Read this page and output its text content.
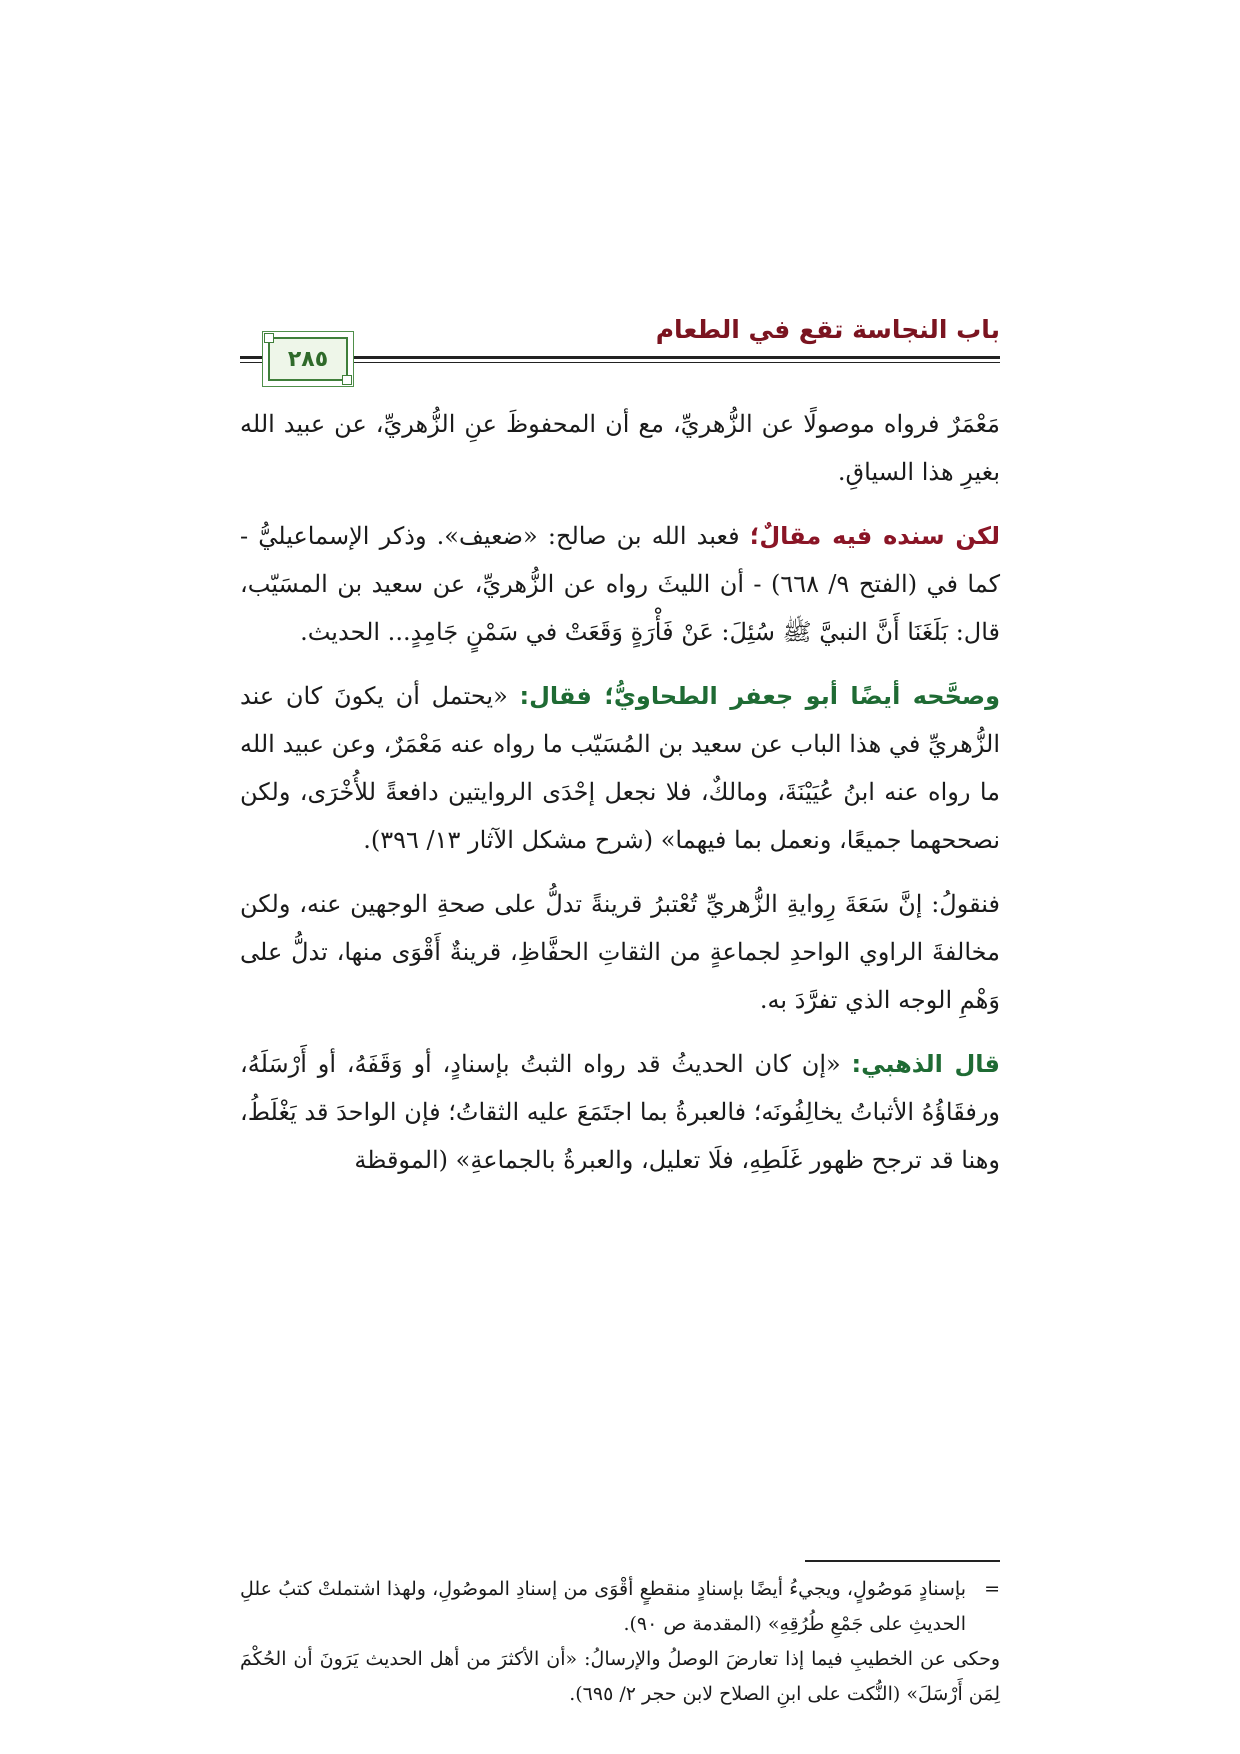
باب النجاسة تقع في الطعام
٢٨٥

مَعْمَرٌ فرواه موصولًا عن الزُّهريِّ، مع أن المحفوظَ عنِ الزُّهريِّ، عن عبيد الله بغيرِ هذا السياقِ.

لكن سنده فيه مقالٌ؛ فعبد الله بن صالح: «ضعيف». وذكر الإسماعيليُّ - كما في (الفتح ٩/ ٦٦٨) - أن الليثَ رواه عن الزُّهريِّ، عن سعيد بن المسَيّب، قال: بَلَغَنَا أَنَّ النبيَّ ﷺ سُئِلَ: عَنْ فَأْرَةٍ وَقَعَتْ في سَمْنٍ جَامِدٍ... الحديث.

وصحَّحه أيضًا أبو جعفر الطحاويُّ؛ فقال: «يحتمل أن يكونَ كان عند الزُّهريِّ في هذا الباب عن سعيد بن المُسَيّب ما رواه عنه مَعْمَرٌ، وعن عبيد الله ما رواه عنه ابنُ عُيَيْنَةَ، ومالكٌ، فلا نجعل إحْدَى الروايتين دافعةً للأُخْرَى، ولكن نصححهما جميعًا، ونعمل بما فيهما» (شرح مشكل الآثار ١٣/ ٣٩٦).

فنقولُ: إنَّ سَعَةَ رِوايةِ الزُّهريِّ تُعْتبرُ قرينةً تدلُّ على صحةِ الوجهين عنه، ولكن مخالفةَ الراوي الواحدِ لجماعةٍ من الثقاتِ الحفَّاظِ، قرينةٌ أَقْوَى منها، تدلُّ على وَهْمِ الوجه الذي تفرَّدَ به.

قال الذهبي: «إن كان الحديثُ قد رواه الثبتُ بإسنادٍ، أو وَقَفَهُ، أو أَرْسَلَهُ، ورفقَاؤُهُ الأثباتُ يخالِفُونَه؛ فالعبرةُ بما اجتَمَعَ عليه الثقاتُ؛ فإن الواحدَ قد يَغْلَطُ، وهنا قد ترجح ظهور غَلَطِهِ، فلَا تعليل، والعبرةُ بالجماعةِ» (الموقظة

=
بإسنادٍ مَوصُولٍ، ويجيءُ أيضًا بإسنادٍ منقطعٍ أقْوَى من إسنادِ الموصُولِ، ولهذا اشتملتْ كتبُ عللِ الحديثِ على جَمْعِ طُرُقِهِ» (المقدمة ص ٩٠).

وحكى عن الخطيبِ فيما إذا تعارضَ الوصلُ والإرسالُ: «أن الأكثرَ من أهل الحديث يَرَونَ أن الحُكْمَ لِمَن أَرْسَلَ» (النُّكت على ابنِ الصلاح لابن حجر ٢/ ٦٩٥).
